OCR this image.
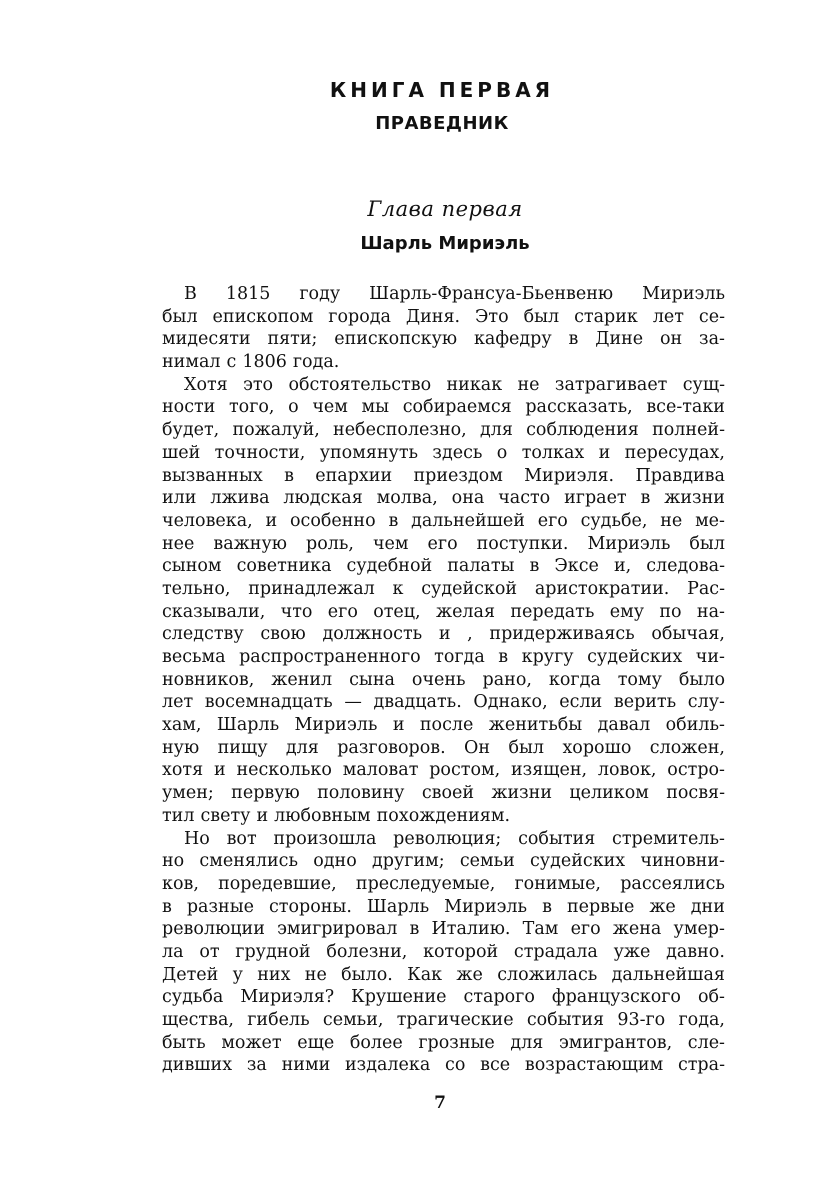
КНИГА ПЕРВАЯ
ПРАВЕДНИК
Глава первая
Шарль Мириэль
В 1815 году Шарль-Франсуа-Бьенвеню Мириэль
был епископом города Диня. Это был старик лет се-
мидесяти пяти; епископскую кафедру в Дине он за-
нимал с 1806 года.
Хотя это обстоятельство никак не затрагивает сущ-
ности того, о чем мы собираемся рассказать, все-таки
будет, пожалуй, небесполезно, для соблюдения полней-
шей точности, упомянуть здесь о толках и пересудах,
вызванных в епархии приездом Мириэля. Правдива
или лжива людская молва, она часто играет в жизни
человека, и особенно в дальнейшей его судьбе, не ме-
нее важную роль, чем его поступки. Мириэль был
сыном советника судебной палаты в Эксе и, следова-
тельно, принадлежал к судейской аристократии. Рас-
сказывали, что его отец, желая передать ему по на-
следству свою должность и , придерживаясь обычая,
весьма распространенного тогда в кругу судейских чи-
новников, женил сына очень рано, когда тому было
лет восемнадцать — двадцать. Однако, если верить слу-
хам, Шарль Мириэль и после женитьбы давал обиль-
ную пищу для разговоров. Он был хорошо сложен,
хотя и несколько маловат ростом, изящен, ловок, остро-
умен; первую половину своей жизни целиком посвя-
тил свету и любовным похождениям.
Но вот произошла революция; события стремитель-
но сменялись одно другим; семьи судейских чиновни-
ков, поредевшие, преследуемые, гонимые, рассеялись
в разные стороны. Шарль Мириэль в первые же дни
революции эмигрировал в Италию. Там его жена умер-
ла от грудной болезни, которой страдала уже давно.
Детей у них не было. Как же сложилась дальнейшая
судьба Мириэля? Крушение старого французского об-
щества, гибель семьи, трагические события 93-го года,
быть может еще более грозные для эмигрантов, сле-
дивших за ними издалека со все возрастающим стра-
7
